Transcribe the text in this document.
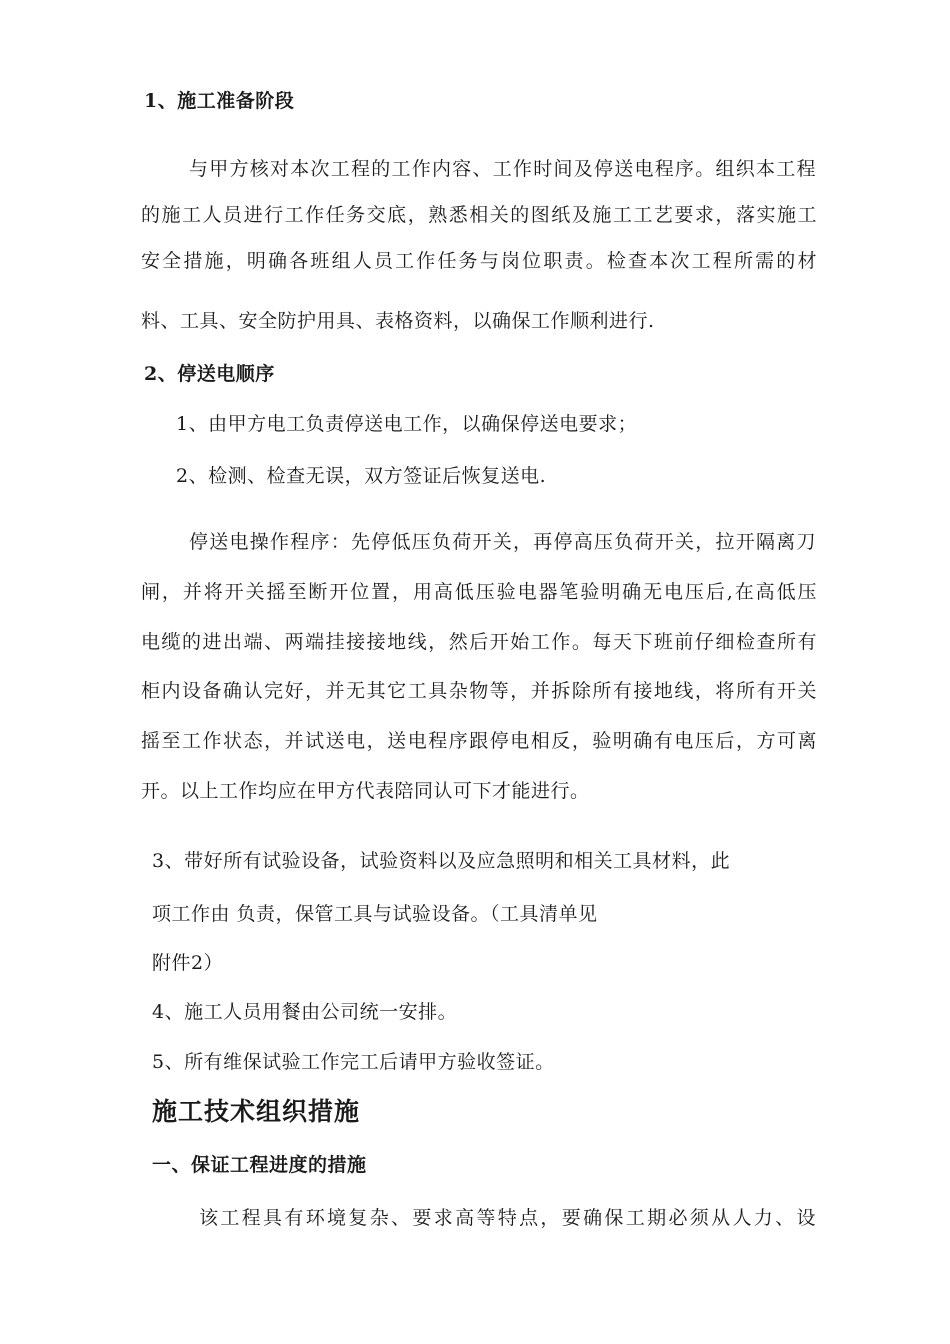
1、施工准备阶段

与甲方核对本次工程的工作内容、工作时间及停送电程序。组织本工程

的施工人员进行工作任务交底，熟悉相关的图纸及施工工艺要求，落实施工

安全措施，明确各班组人员工作任务与岗位职责。检查本次工程所需的材

料、工具、安全防护用具、表格资料，以确保工作顺利进行.

2、停送电顺序

1、由甲方电工负责停送电工作，以确保停送电要求；

2、检测、检查无误，双方签证后恢复送电.

停送电操作程序：先停低压负荷开关，再停高压负荷开关，拉开隔离刀

闸，并将开关摇至断开位置，用高低压验电器笔验明确无电压后,在高低压

电缆的进出端、两端挂接接地线，然后开始工作。每天下班前仔细检查所有

柜内设备确认完好，并无其它工具杂物等，并拆除所有接地线，将所有开关

摇至工作状态，并试送电，送电程序跟停电相反，验明确有电压后，方可离

开。以上工作均应在甲方代表陪同认可下才能进行。

3、带好所有试验设备，试验资料以及应急照明和相关工具材料，此

项工作由 负责，保管工具与试验设备。（工具清单见

附件2）

4、施工人员用餐由公司统一安排。

5、所有维保试验工作完工后请甲方验收签证。

施工技术组织措施
一、保证工程进度的措施

该工程具有环境复杂、要求高等特点，要确保工期必须从人力、设
